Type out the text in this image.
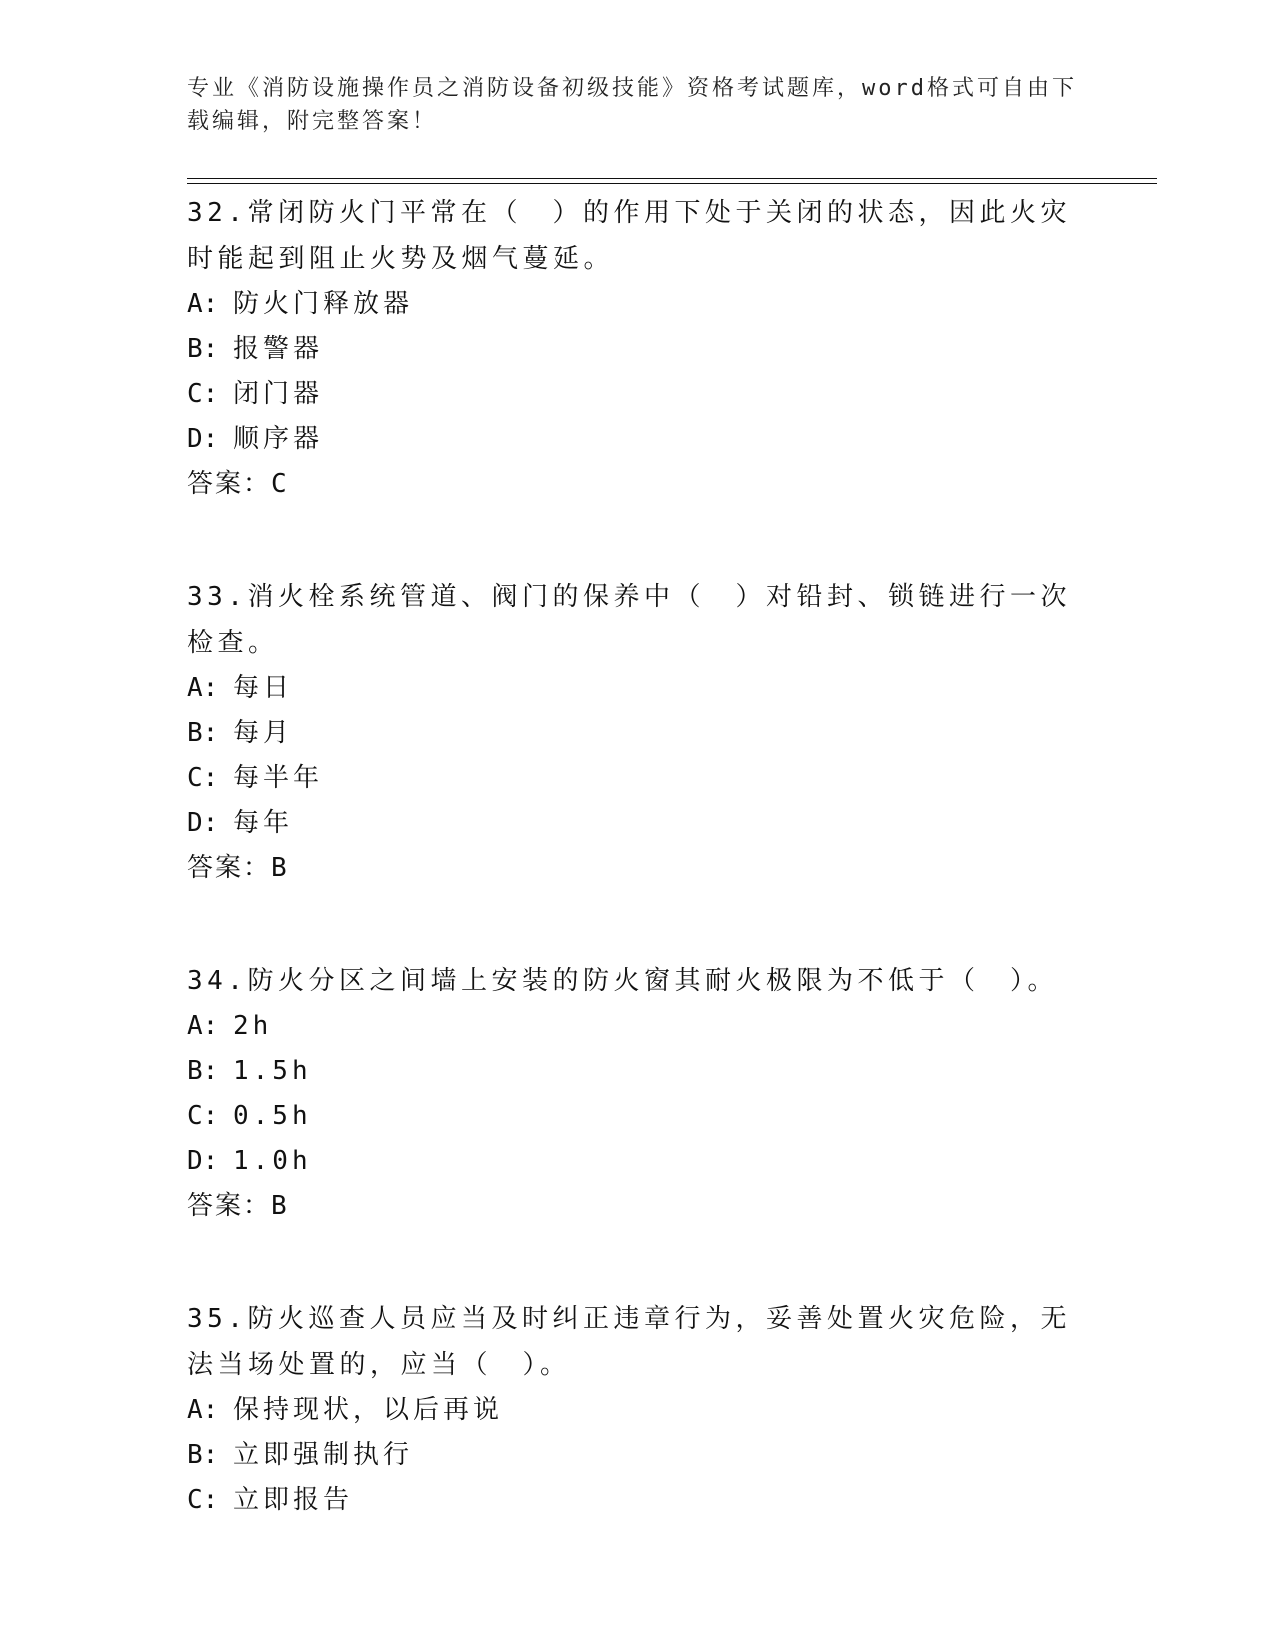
专业《消防设施操作员之消防设备初级技能》资格考试题库，word格式可自由下载编辑，附完整答案！

32.常闭防火门平常在（　）的作用下处于关闭的状态，因此火灾时能起到阻止火势及烟气蔓延。

A: 防火门释放器
B: 报警器
C: 闭门器
D: 顺序器
答案： C

33.消火栓系统管道、阀门的保养中（　）对铅封、锁链进行一次检查。

A: 每日
B: 每月
C: 每半年
D: 每年
答案： B

34.防火分区之间墙上安装的防火窗其耐火极限为不低于（　）。

A: 2h
B: 1.5h
C: 0.5h
D: 1.0h
答案： B

35.防火巡查人员应当及时纠正违章行为，妥善处置火灾危险，无法当场处置的，应当（　）。

A: 保持现状，以后再说
B: 立即强制执行
C: 立即报告
